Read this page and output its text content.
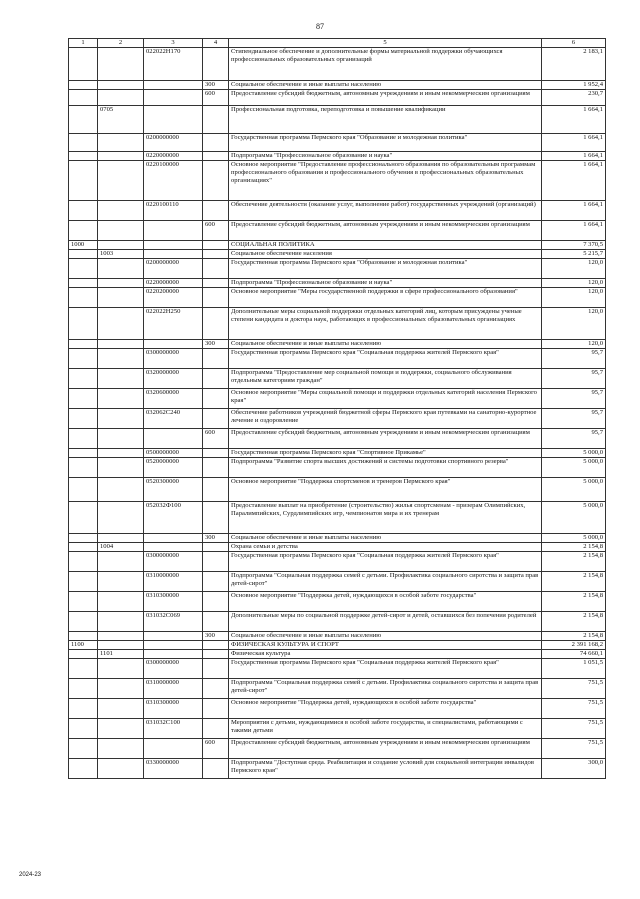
87
1	2	3	4	5	6
		022022Н170		Стипендиальное обеспечение и дополнительные формы материальной поддержки обучающихся профессиональных образовательных организаций	2 183,1
			300	Социальное обеспечение и иные выплаты населению	1 952,4
			600	Предоставление субсидий бюджетным, автономным учреждениям и иным некоммерческим организациям	230,7
	0705			Профессиональная подготовка, переподготовка и повышение квалификации	1 664,1
		0200000000		Государственная программа Пермского края "Образование и молодежная политика"	1 664,1
		0220000000		Подпрограмма "Профессиональное образование и наука"	1 664,1
		0220100000		Основное мероприятие "Предоставление профессионального образования по образовательным программам профессионального образования и профессионального обучения в профессиональных образовательных организациях"	1 664,1
		0220100110		Обеспечение деятельности (оказание услуг, выполнение работ) государственных учреждений (организаций)	1 664,1
			600	Предоставление субсидий бюджетным, автономным учреждениям и иным некоммерческим организациям	1 664,1
1000				СОЦИАЛЬНАЯ ПОЛИТИКА	7 370,5
	1003			Социальное обеспечение населения	5 215,7
		0200000000		Государственная программа Пермского края "Образование и молодежная политика"	120,0
		0220000000		Подпрограмма "Профессиональное образование и наука"	120,0
		0220200000		Основное мероприятие "Меры государственной поддержки в сфере профессионального образования"	120,0
		022022Н250		Дополнительные меры социальной поддержки отдельных категорий лиц, которым присуждены ученые степени кандидата и доктора наук, работающих в профессиональных образовательных организациях	120,0
			300	Социальное обеспечение и иные выплаты населению	120,0
		0300000000		Государственная программа Пермского края "Социальная поддержка жителей Пермского края"	95,7
		0320000000		Подпрограмма "Предоставление мер социальной помощи и поддержки, социального обслуживания отдельным категориям граждан"	95,7
		0320600000		Основное мероприятие "Меры социальной помощи и поддержки отдельных категорий населения Пермского края"	95,7
		032062С240		Обеспечение работников учреждений бюджетной сферы Пермского края путевками на санаторно-курортное лечение и оздоровление	95,7
			600	Предоставление субсидий бюджетным, автономным учреждениям и иным некоммерческим организациям	95,7
		0500000000		Государственная программа Пермского края "Спортивное Прикамье"	5 000,0
		0520000000		Подпрограмма "Развитие спорта высших достижений и системы подготовки спортивного резерва"	5 000,0
		0520300000		Основное мероприятие "Поддержка спортсменов и тренеров Пермского края"	5 000,0
		052032Ф100		Предоставление выплат на приобретение (строительство) жилья спортсменам - призерам Олимпийских, Паралимпийских, Сурдлимпийских игр, чемпионатов мира и их тренерам	5 000,0
			300	Социальное обеспечение и иные выплаты населению	5 000,0
	1004			Охрана семьи и детства	2 154,8
		0300000000		Государственная программа Пермского края "Социальная поддержка жителей Пермского края"	2 154,8
		0310000000		Подпрограмма "Социальная поддержка семей с детьми. Профилактика социального сиротства и защита прав детей-сирот"	2 154,8
		0310300000		Основное мероприятие "Поддержка детей, нуждающихся в особой заботе государства"	2 154,8
		031032С069		Дополнительные меры по социальной поддержке детей-сирот и детей, оставшихся без попечения родителей	2 154,8
			300	Социальное обеспечение и иные выплаты населению	2 154,8
1100				ФИЗИЧЕСКАЯ КУЛЬТУРА И СПОРТ	2 391 168,2
	1101			Физическая культура	74 660,1
		0300000000		Государственная программа Пермского края "Социальная поддержка жителей Пермского края"	1 051,5
		0310000000		Подпрограмма "Социальная поддержка семей с детьми. Профилактика социального сиротства и защита прав детей-сирот"	751,5
		0310300000		Основное мероприятие "Поддержка детей, нуждающихся в особой заботе государства"	751,5
		031032С100		Мероприятия с детьми, нуждающимися в особой заботе государства, и специалистами, работающими с такими детьми	751,5
			600	Предоставление субсидий бюджетным, автономным учреждениям и иным некоммерческим организациям	751,5
		0330000000		Подпрограмма "Доступная среда. Реабилитация и создание условий для социальной интеграции инвалидов Пермского края"	300,0
2024-23
